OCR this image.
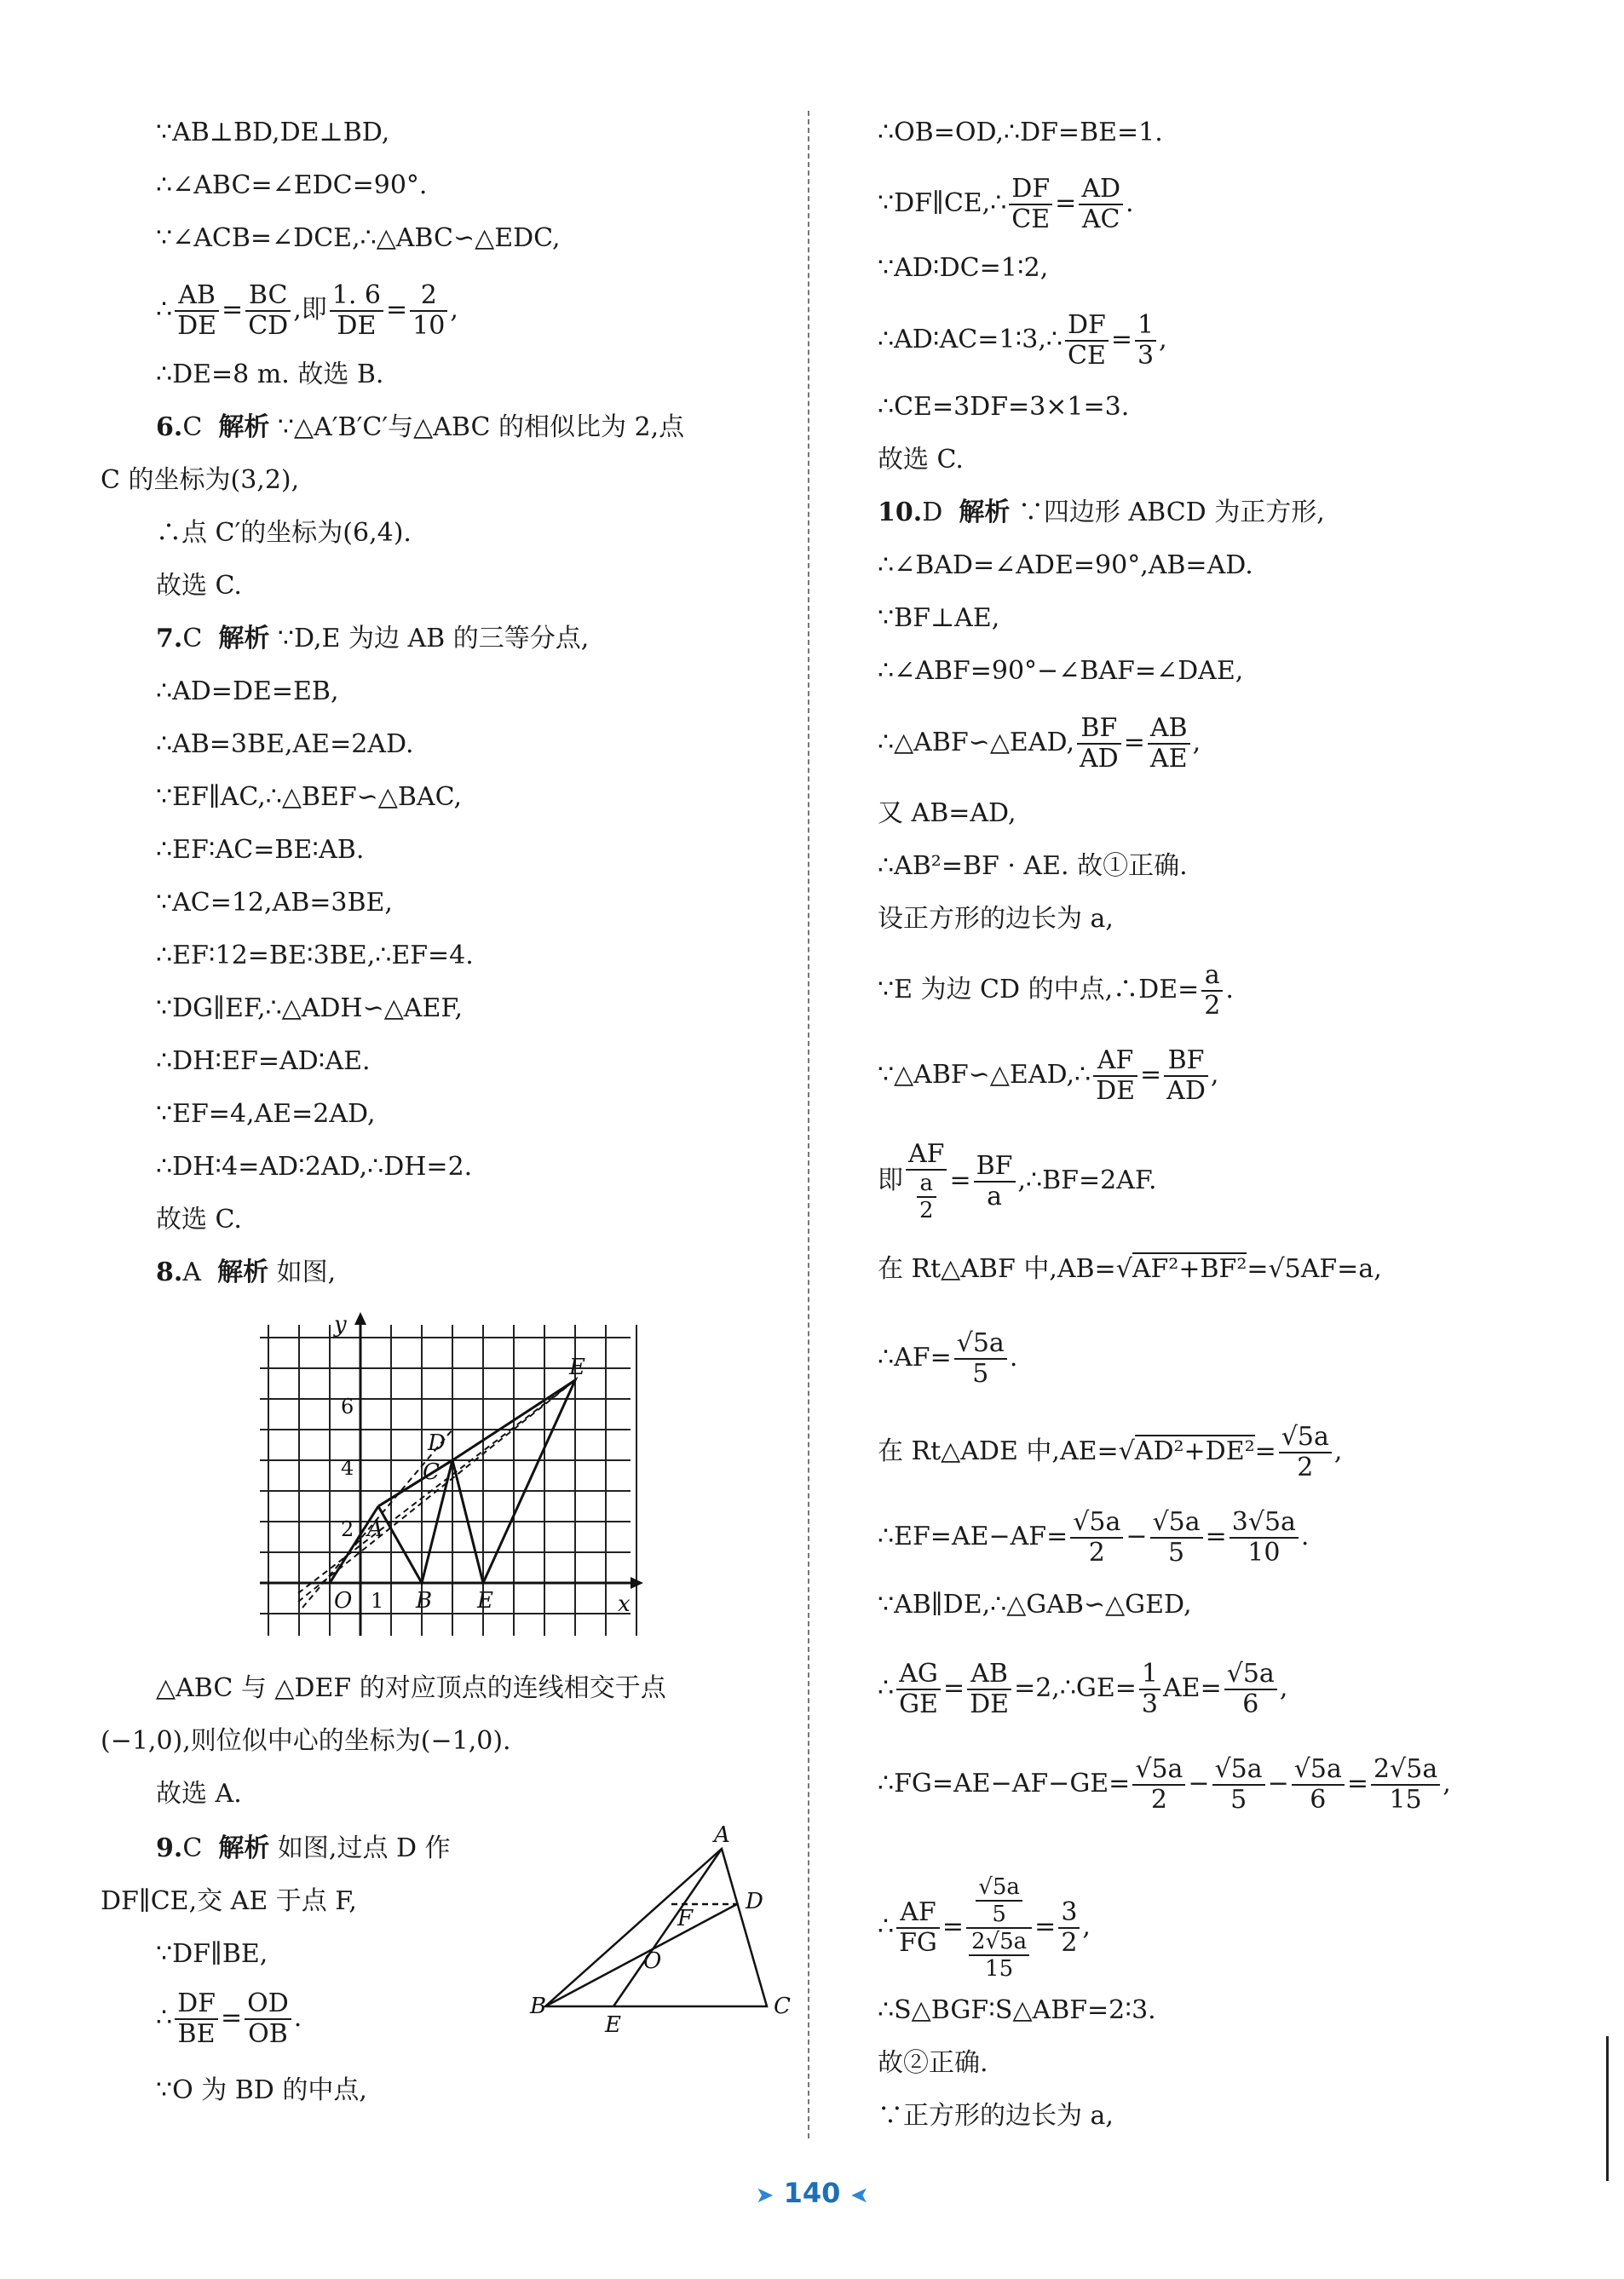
∵AB⊥BD,DE⊥BD,
∴∠ABC=∠EDC=90°.
∵∠ACB=∠DCE,∴△ABC∽△EDC,
∴ $\frac{AB}{DE} = \frac{BC}{CD}$ ,即 $\frac{1. 6}{DE} = \frac{2}{10}$ ,
∴DE=8 m. 故选 B.
6.C 解析 ∵△A′B′C′与△ABC 的相似比为 2,点
C 的坐标为(3,2),
∴点 C′的坐标为(6,4).
故选 C.
7.C 解析 ∵D,E 为边 AB 的三等分点,
∴AD=DE=EB,
∴AB=3BE,AE=2AD.
∵EF∥AC,∴△BEF∽△BAC,
∴EF∶AC=BE∶AB.
∵AC=12,AB=3BE,
∴EF∶12=BE∶3BE,∴EF=4.
∵DG∥EF,∴△ADH∽△AEF,
∴DH∶EF=AD∶AE.
∵EF=4,AE=2AD,
∴DH∶4=AD∶2AD,∴DH=2.
故选 C.
8.A 解析 如图,
y
x
O
A
B
D
C
E
E
1
2
4
6
△ABC 与 △DEF 的对应顶点的连线相交于点
(−1,0),则位似中心的坐标为(−1,0).
故选 A.
9.C 解析 如图,过点 D 作
DF∥CE,交 AE 于点 F,
∵DF∥BE,
∴ $\frac{DF}{BE} = \frac{OD}{OB}$ .
∵O 为 BD 的中点,
A
B	C
D
E
F
O
∴OB=OD,∴DF=BE=1.
∵DF∥CE,∴ $\frac{DF}{CE} = \frac{AD}{AC}$ .
∵AD∶DC=1∶2,
∴AD∶AC=1∶3,∴ $\frac{DF}{CE} = \frac{1}{3}$ ,
∴CE=3DF=3×1=3.
故选 C.
10.D 解析 ∵四边形 ABCD 为正方形,
∴∠BAD=∠ADE=90°,AB=AD.
∵BF⊥AE,
∴∠ABF=90°−∠BAF=∠DAE,
∴△ABF∽△EAD, $\frac{BF}{AD} = \frac{AB}{AE}$ ,
又 AB=AD,
∴AB²=BF · AE. 故①正确.
设正方形的边长为 a,
∵E 为边 CD 的中点,∴DE= $\frac{a}{2}$ .
∵△ABF∽△EAD,∴ $\frac{AF}{DE} = \frac{BF}{AD}$ ,
即 $\frac{AF}{\frac{a}{2}} = \frac{BF}{a}$ ,∴BF=2AF.
在 Rt△ABF 中,AB=√AF²+BF²=√5AF=a,
∴AF= $\frac{√5a}{5}$ .
在 Rt△ADE 中$,AE=√AD^2+DE^2= \frac{√5a}{2}$ ,
∴EF=AE−AF= $\frac{√5a}{2} - \frac{√5a}{5} = \frac{3√5a}{10}$ .
∵AB∥DE,∴△GAB∽△GED,
∴ $\frac{AG}{GE} = \frac{AB}{DE}$ =2,∴GE= $\frac{1}{3} AE= \frac{√5a}{6}$ ,
∴FG=AE−AF−GE= $\frac{√5a}{2} - \frac{√5a}{5} - \frac{√5a}{6} = \frac{2√5a}{15}$ ,
∴ $\frac{AF}{FG} = \frac{\frac{√5a}{5}}{\frac{2√5a}{15}} = \frac{3}{2}$ ,
∴S△BGF∶S△ABF=2∶3.
故②正确.
∵正方形的边长为 a,
➤ 140 ➤
